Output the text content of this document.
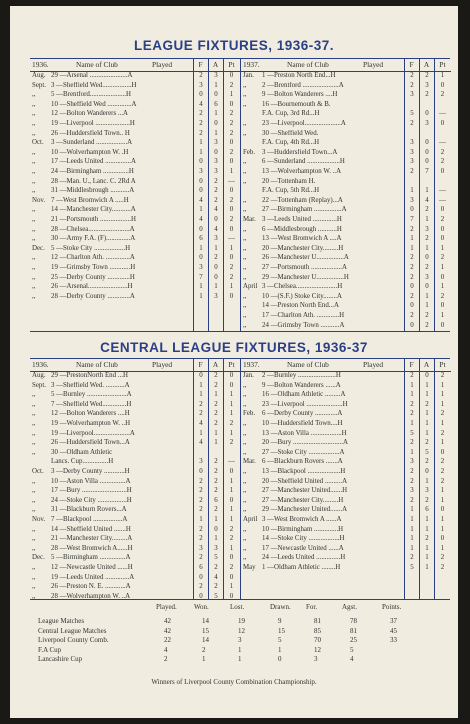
LEAGUE FIXTURES, 1936-37.
1936.	Name of Club	Played	F	A	Pt
Aug. 29 —Arsenal ......................A	2	3	0
Sept. 3 —Sheffield Wed.................H	3	1	2
,,	5 —Brentford.....................H	0	0	1
,,	10 —Sheffield Wed ..............A	4	6	0
,,	12 —Bolton Wanderers ...A	2	1	2
,,	19 —Liverpool ....................H	2	0	2
,,	26 —Huddersfield Town.. H	2	1	2
Oct.	3 —Sunderland ..................A	1	3	0
,,	10 —Wolverhampton W. .H	1	0	2
,,	17 —Leeds United ...............A	0	3	0
,,	24 —Birmingham ...............H	3	3	1
,,	28 —Man. U., Lanc. C. 2Rd A	0	2	—
,,	31 —Middlesbrough ...........A	0	2	0
Nov. 7 —West Bromwich A .....H	4	2	2
,,	14 —Manchester City...........A	1	4	0
,,	21 —Portsmouth ..................H	4	0	2
,,	28 —Chelsea........................A	0	4	0
,,	30 —Army F.A. (F)..............A	6	3	—
Dec. 5 —Stoke City ..................H	1	1	1
,,	12 —Charlton Ath. ..............A	0	2	0
,,	19 —Grimsby Town ............H	3	0	2
,,	25 —Derby County .............H	7	0	2
,,	26 —Arsenal.......................H	1	1	1
,,	28 —Derby County .............A	1	3	0
1937.	Name of Club	Played	F	A	Pt
Jan.	1 —Preston North End...H	2	2	1
,,	2 —Brentford .....................A	2	3	0
,,	9 —Bolton Wanderers ....H	3	2	2
,,	16 —Bournemouth & B.
F.A. Cup, 3rd Rd...H	5	0	—
,,	23 —Liverpool.....................A	2	3	0
,,	30 —Sheffield Wed.
F.A. Cup, 4th Rd...H	3	0	—
Feb.	3 —Huddersfield Town...A	3	0	2
,,	6 —Sunderland ...................H	3	0	2
,,	13 —Wolverhampton W. ..A	2	7	0
,,	20 —Tottenham H.
F.A. Cup, 5th Rd...H	1	1	—
,,	22 —Tottenham (Replay)...A	3	4	—
,,	27 —Birmingham ................A	0	2	0
Mar. 3 —Leeds United ..............H	7	1	2
,,	6 —Middlesbrough ...........H	2	3	0
,,	13 —West Bromwich A ....A	1	2	0
,,	20 —Manchester City.........H	1	1	1
,,	26 —Manchester U................A	2	0	2
,,	27 —Portsmouth ..................A	2	2	1
,,	29 —Manchester U................H	2	3	0
April 3 —Chelsea........................H	0	0	1
,,	10 —(S.F.) Stoke City........A	2	1	2
,,	14 —Preston North End...A	0	1	0
,,	17 —Charlton Ath. .............H	2	2	1
,,	24 —Grimsby Town ...........A	0	2	0
CENTRAL LEAGUE FIXTURES, 1936-37
1936.	Name of Club	Played	F	A	Pt
Aug. 29 —PrestonNorth End ...H	0	2	0
Sept. 3 —Sheffield Wed. ...........A	1	2	0
,,	5 —Burnley .......................A	1	1	1
,,	7 —Sheffield Wed..............H	2	2	1
,,	12 —Bolton Wanderers ....H	2	2	1
,,	19 —Wolverhampton W. ..H	4	2	2
,,	19 —Liverpool.....................A	1	1	1
,,	26 —Huddersfield Town...A	4	1	2
,,	30 —Oldham Athletic
Lancs. Cup...............H	3	2	—
Oct.	3 —Derby County ............H	0	2	0
,,	10 —Aston Villa ...............A	2	2	1
,,	17 —Bury ..........................H	2	2	1
,,	24 —Stoke City .................H	2	6	0
,,	31 —Blackburn Rovers...A	2	2	1
Nov. 7 —Blackpool .................A	1	1	1
,,	14 —Sheffield United .......H	2	0	2
,,	21 —Manchester City.........A	2	1	2
,,	28 —West Bromwich A......H	3	3	1
Dec. 5 —Birmingham ...............A	2	5	0
,,	12 —Newcastle United ......H	6	2	2
,,	19 —Leeds United ..............A	0	4	0
,,	26 —Preston N. E. ............A	2	2	1
,,	28 —Wolverhampton W. ..A	0	5	0
1937.	Name of Club	Played	F	A	Pt
Jan.	2 —Burnley ......................H	2	0	2
,,	9 —Bolton Wanderers ......A	1	1	1
,,	16 —Oldham Athletic .........A	1	1	1
,,	23 —Liverpool .....................H	2	2	1
Feb.	6 —Derby County .............A	2	1	2
,,	10 —Huddersfield Town....H	1	1	1
,,	13 —Aston Villa ..................H	5	1	2
,,	20 —Bury .............................A	2	2	1
,,	27 —Stoke City ..................A	1	5	0
Mar. 6 —Blackburn Rovers .......A	3	2	2
,,	13 —Blackpool ...................H	2	0	2
,,	20 —Sheffield United ..........A	2	1	2
,,	27 —Manchester United.......H	3	3	1
,,	27 —Manchester City.........H	2	2	1
,,	29 —Manchester United.......A	1	6	0
April 3 —West Bromwich A ......A	1	1	1
,,	10 —Birmingham ..............H	1	1	1
,,	14 —Stoke City ..................H	1	2	0
,,	17 —Newcastle United ......A	1	1	1
,,	24 —Leeds United ..............H	2	1	2
May 1 —Oldham Athletic ........H	5	1	2
Played. Won.	Lost.	Drawn. For.	Agst.	Points.
League Matches	42	14	19	9	81	78	37
Central League Matches	42	15	12	15	85	81	45
Liverpool County Comb.	22	14	3	5	70	25	33
F.A Cup	4	2	1	1	12	5
Lancashire Cup	2	1	1	0	3	4
Winners of Liverpool County Combination Championship.
